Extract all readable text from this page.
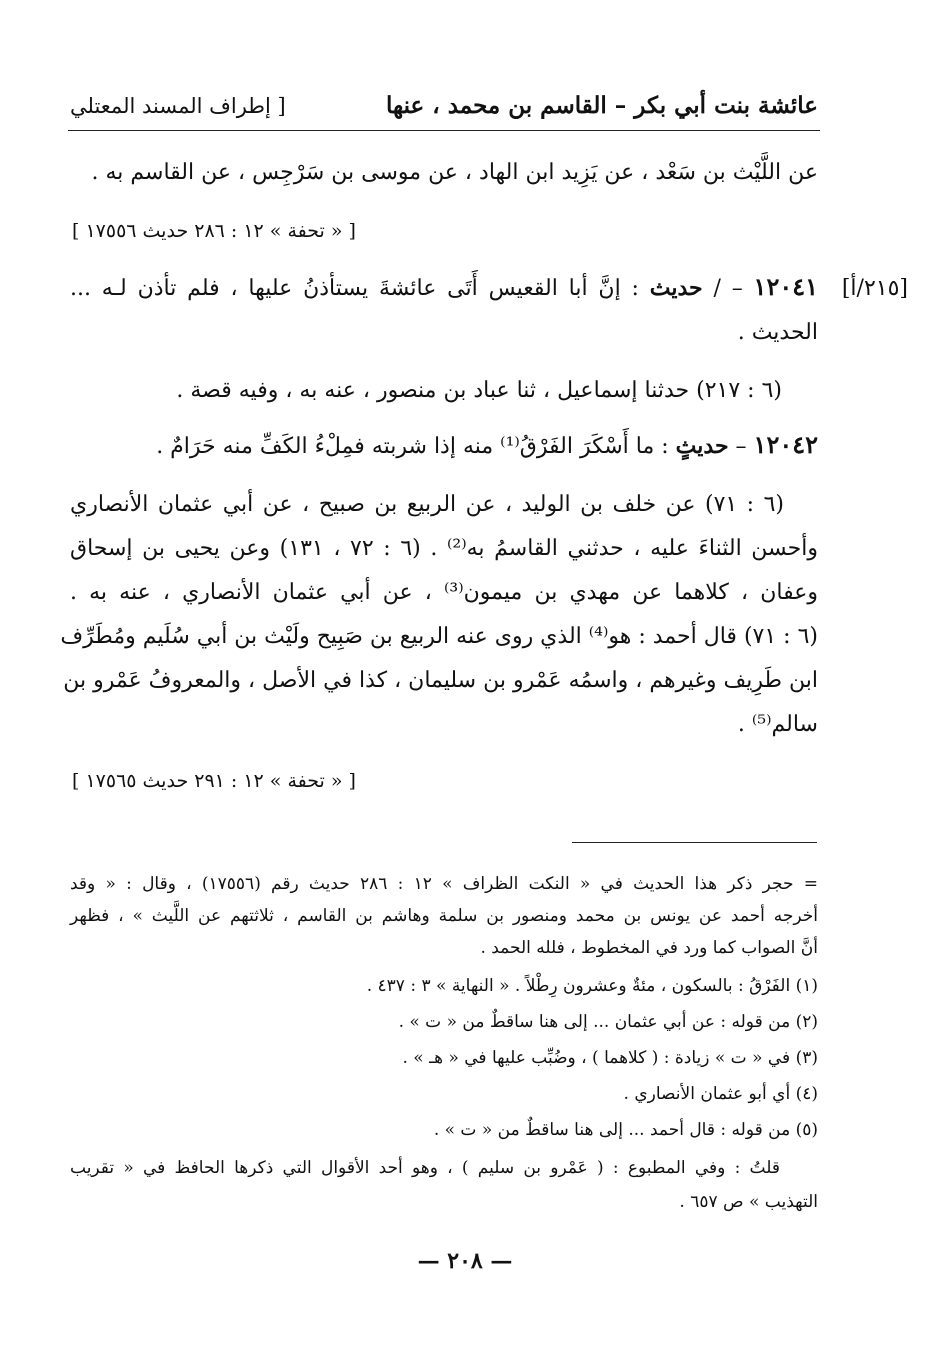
عائشة بنت أبي بكر – القاسم بن محمد ، عنها
[ إطراف المسند المعتلي
عن اللَّيْث بن سَعْد ، عن يَزِيد ابن الهاد ، عن موسى بن سَرْجِس ، عن القاسم به .
[ « تحفة » ١٢ : ٢٨٦ حديث ١٧٥٥٦ ]
[٢١٥/أ]
١٢٠٤١ – / حديث : إنَّ أبا القعيس أَتَى عائشةَ يستأذنُ عليها ، فلم تأذن لـه ...
الحديث .
(٦ : ٢١٧) حدثنا إسماعيل ، ثنا عباد بن منصور ، عنه به ، وفيه قصة .
١٢٠٤٢ – حديثٍ : ما أَسْكَرَ الفَرْقُ⁽¹⁾ منه إذا شربته فمِلْءُ الكَفِّ منه حَرَامٌ .
(٦ : ٧١) عن خلف بن الوليد ، عن الربيع بن صبيح ، عن أبي عثمان الأنصاري
وأحسن الثناءَ عليه ، حدثني القاسمُ به⁽²⁾ . (٦ : ٧٢ ، ١٣١) وعن يحيى بن إسحاق
وعفان ، كلاهما عن مهدي بن ميمون⁽³⁾ ، عن أبي عثمان الأنصاري ، عنه به .
(٦ : ٧١) قال أحمد : هو⁽⁴⁾ الذي روى عنه الربيع بن صَبِيح ولَيْث بن أبي سُلَيم ومُطَرِّف
ابن طَرِيف وغيرهم ، واسمُه عَمْرو بن سليمان ، كذا في الأصل ، والمعروفُ عَمْرو بن
سالم⁽⁵⁾ .
[ « تحفة » ١٢ : ٢٩١ حديث ١٧٥٦٥ ]
= حجر ذكر هذا الحديث في « النكت الظراف » ١٢ : ٢٨٦ حديث رقم (١٧٥٥٦) ، وقال : « وقد
أخرجه أحمد عن يونس بن محمد ومنصور بن سلمة وهاشم بن القاسم ، ثلاثتهم عن اللَّيث » ، فظهر
أنَّ الصواب كما ورد في المخطوط ، فلله الحمد .
(١) الفَرْقُ : بالسكون ، مئةٌ وعشرون رِطْلاً . « النهاية » ٣ : ٤٣٧ .
(٢) من قوله : عن أبي عثمان ... إلى هنا ساقطٌ من « ت » .
(٣) في « ت » زيادة : ( كلاهما ) ، وضُبِّب عليها في « هـ » .
(٤) أي أبو عثمان الأنصاري .
(٥) من قوله : قال أحمد ... إلى هنا ساقطٌ من « ت » .
قلتُ : وفي المطبوع : ( عَمْرو بن سليم ) ، وهو أحد الأقوال التي ذكرها الحافظ في « تقريب
التهذيب » ص ٦٥٧ .
— ٢٠٨ —
